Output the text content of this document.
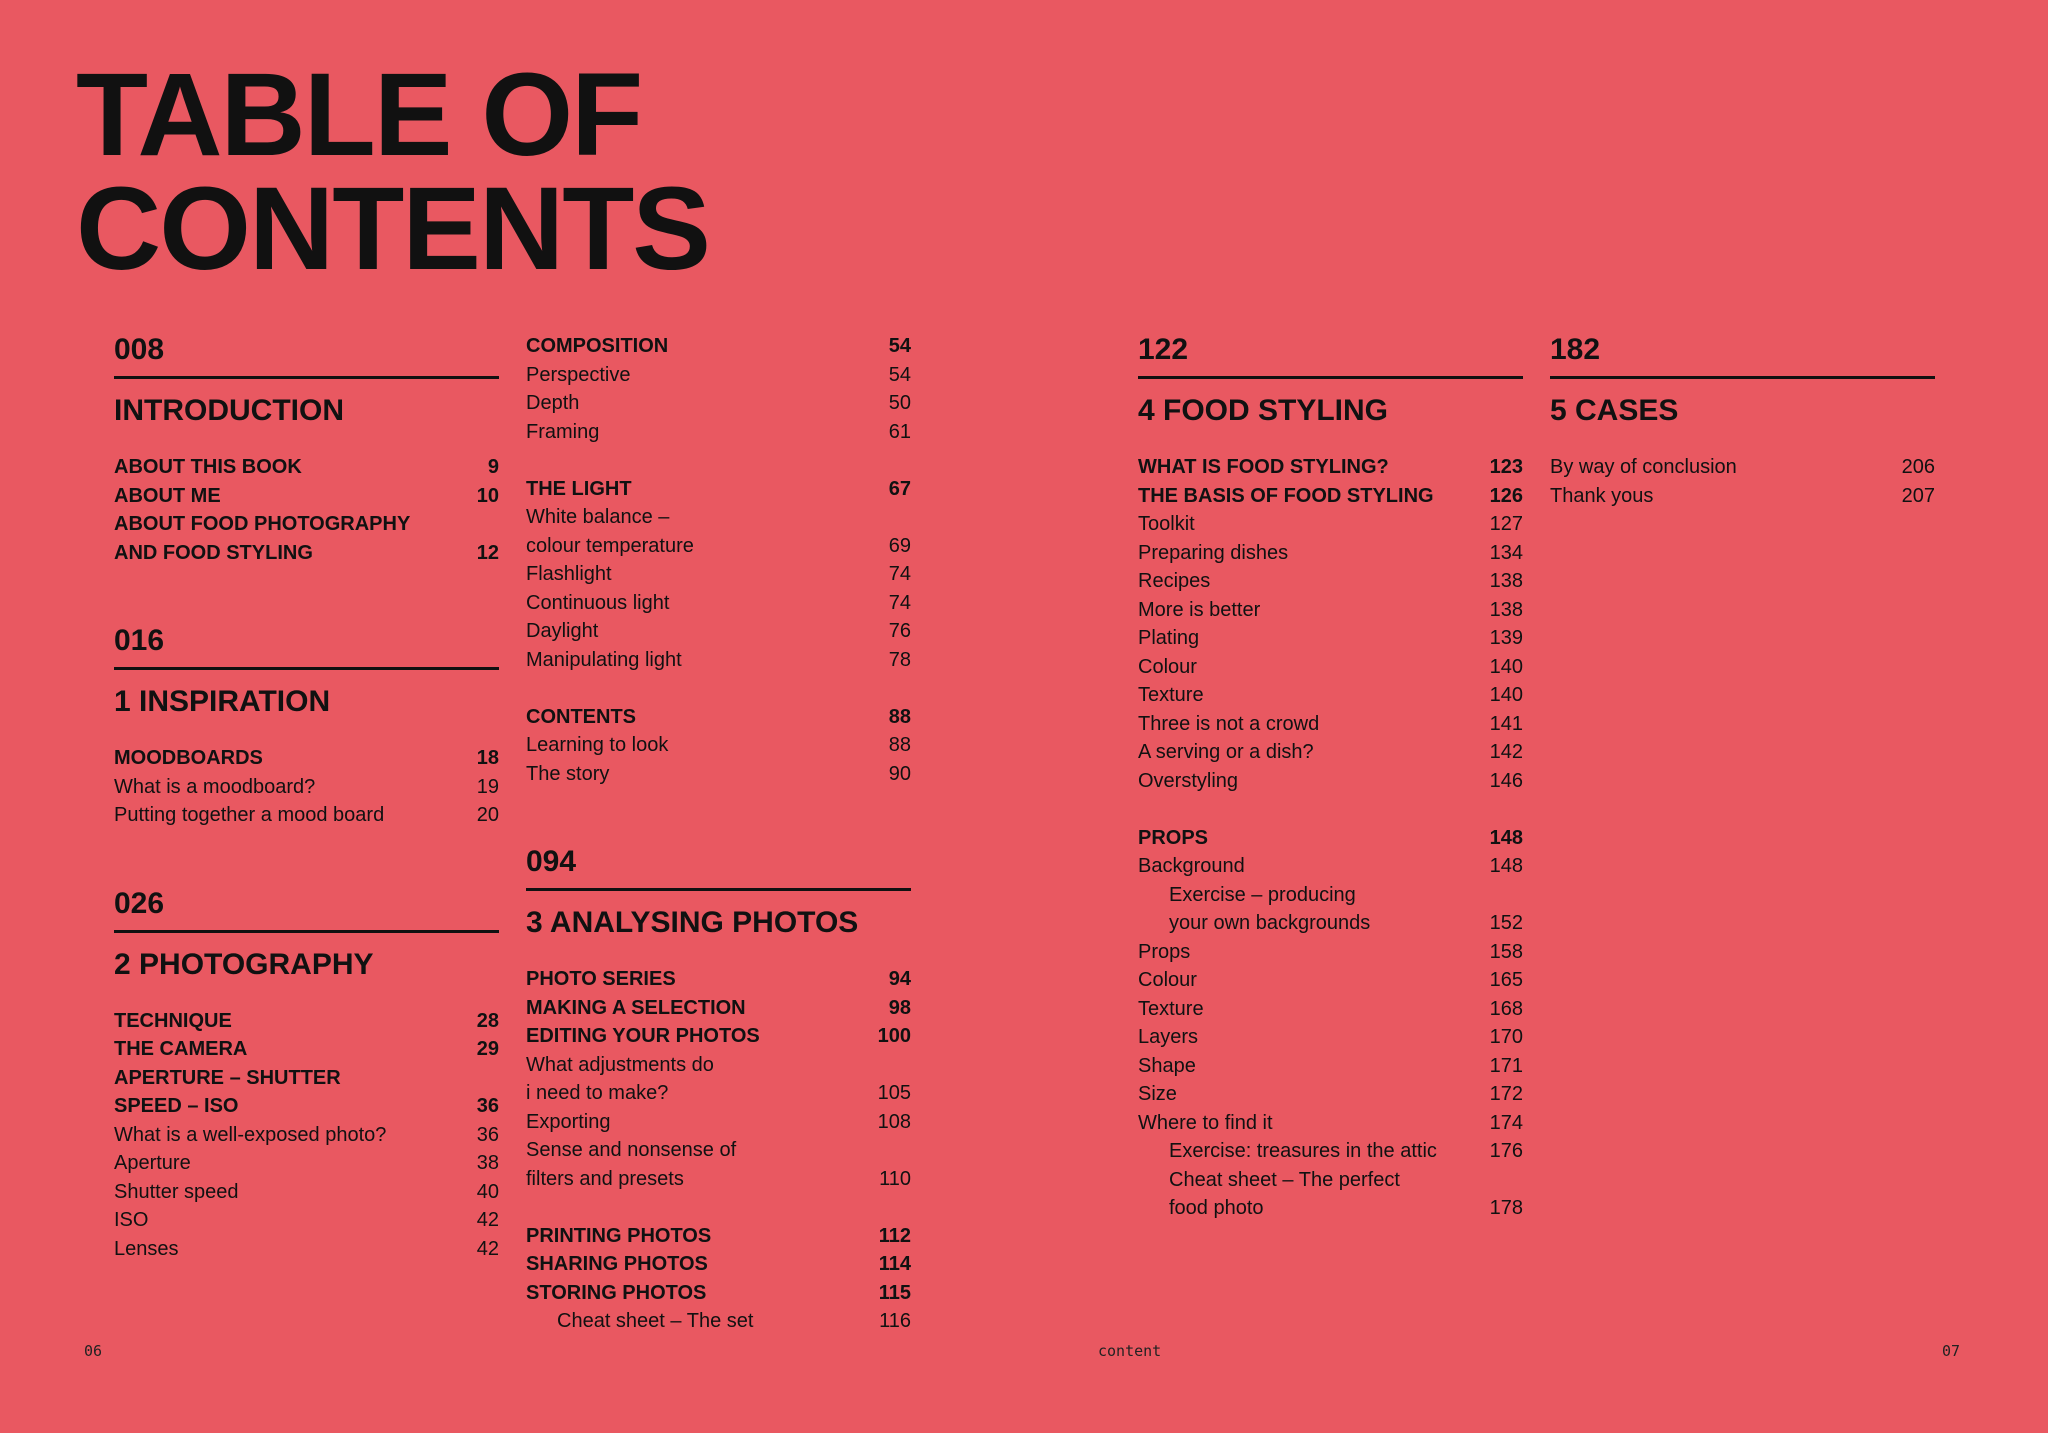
TABLE OF
CONTENTS
008
INTRODUCTION
ABOUT THIS BOOK	9
ABOUT ME	10
ABOUT FOOD PHOTOGRAPHY
AND FOOD STYLING	12
016
1 INSPIRATION
MOODBOARDS	18
What is a moodboard?	19
Putting together a mood board	20
026
2 PHOTOGRAPHY
TECHNIQUE	28
THE CAMERA	29
APERTURE – SHUTTER
SPEED – ISO	36
What is a well-exposed photo?	36
Aperture	38
Shutter speed	40
ISO	42
Lenses	42
COMPOSITION	54
Perspective	54
Depth	50
Framing	61
THE LIGHT	67
White balance –
colour temperature	69
Flashlight	74
Continuous light	74
Daylight	76
Manipulating light	78
CONTENTS	88
Learning to look	88
The story	90
094
3 ANALYSING PHOTOS
PHOTO SERIES	94
MAKING A SELECTION	98
EDITING YOUR PHOTOS	100
What adjustments do
i need to make?	105
Exporting	108
Sense and nonsense of
filters and presets	110
PRINTING PHOTOS	112
SHARING PHOTOS	114
STORING PHOTOS	115
Cheat sheet – The set	116
122
4 FOOD STYLING
WHAT IS FOOD STYLING?	123
THE BASIS OF FOOD STYLING	126
Toolkit	127
Preparing dishes	134
Recipes	138
More is better	138
Plating	139
Colour	140
Texture	140
Three is not a crowd	141
A serving or a dish?	142
Overstyling	146
PROPS	148
Background	148
Exercise – producing
your own backgrounds	152
Props	158
Colour	165
Texture	168
Layers	170
Shape	171
Size	172
Where to find it	174
Exercise: treasures in the attic	176
Cheat sheet – The perfect
food photo	178
182
5 CASES
By way of conclusion	206
Thank yous	207
06	content	07
